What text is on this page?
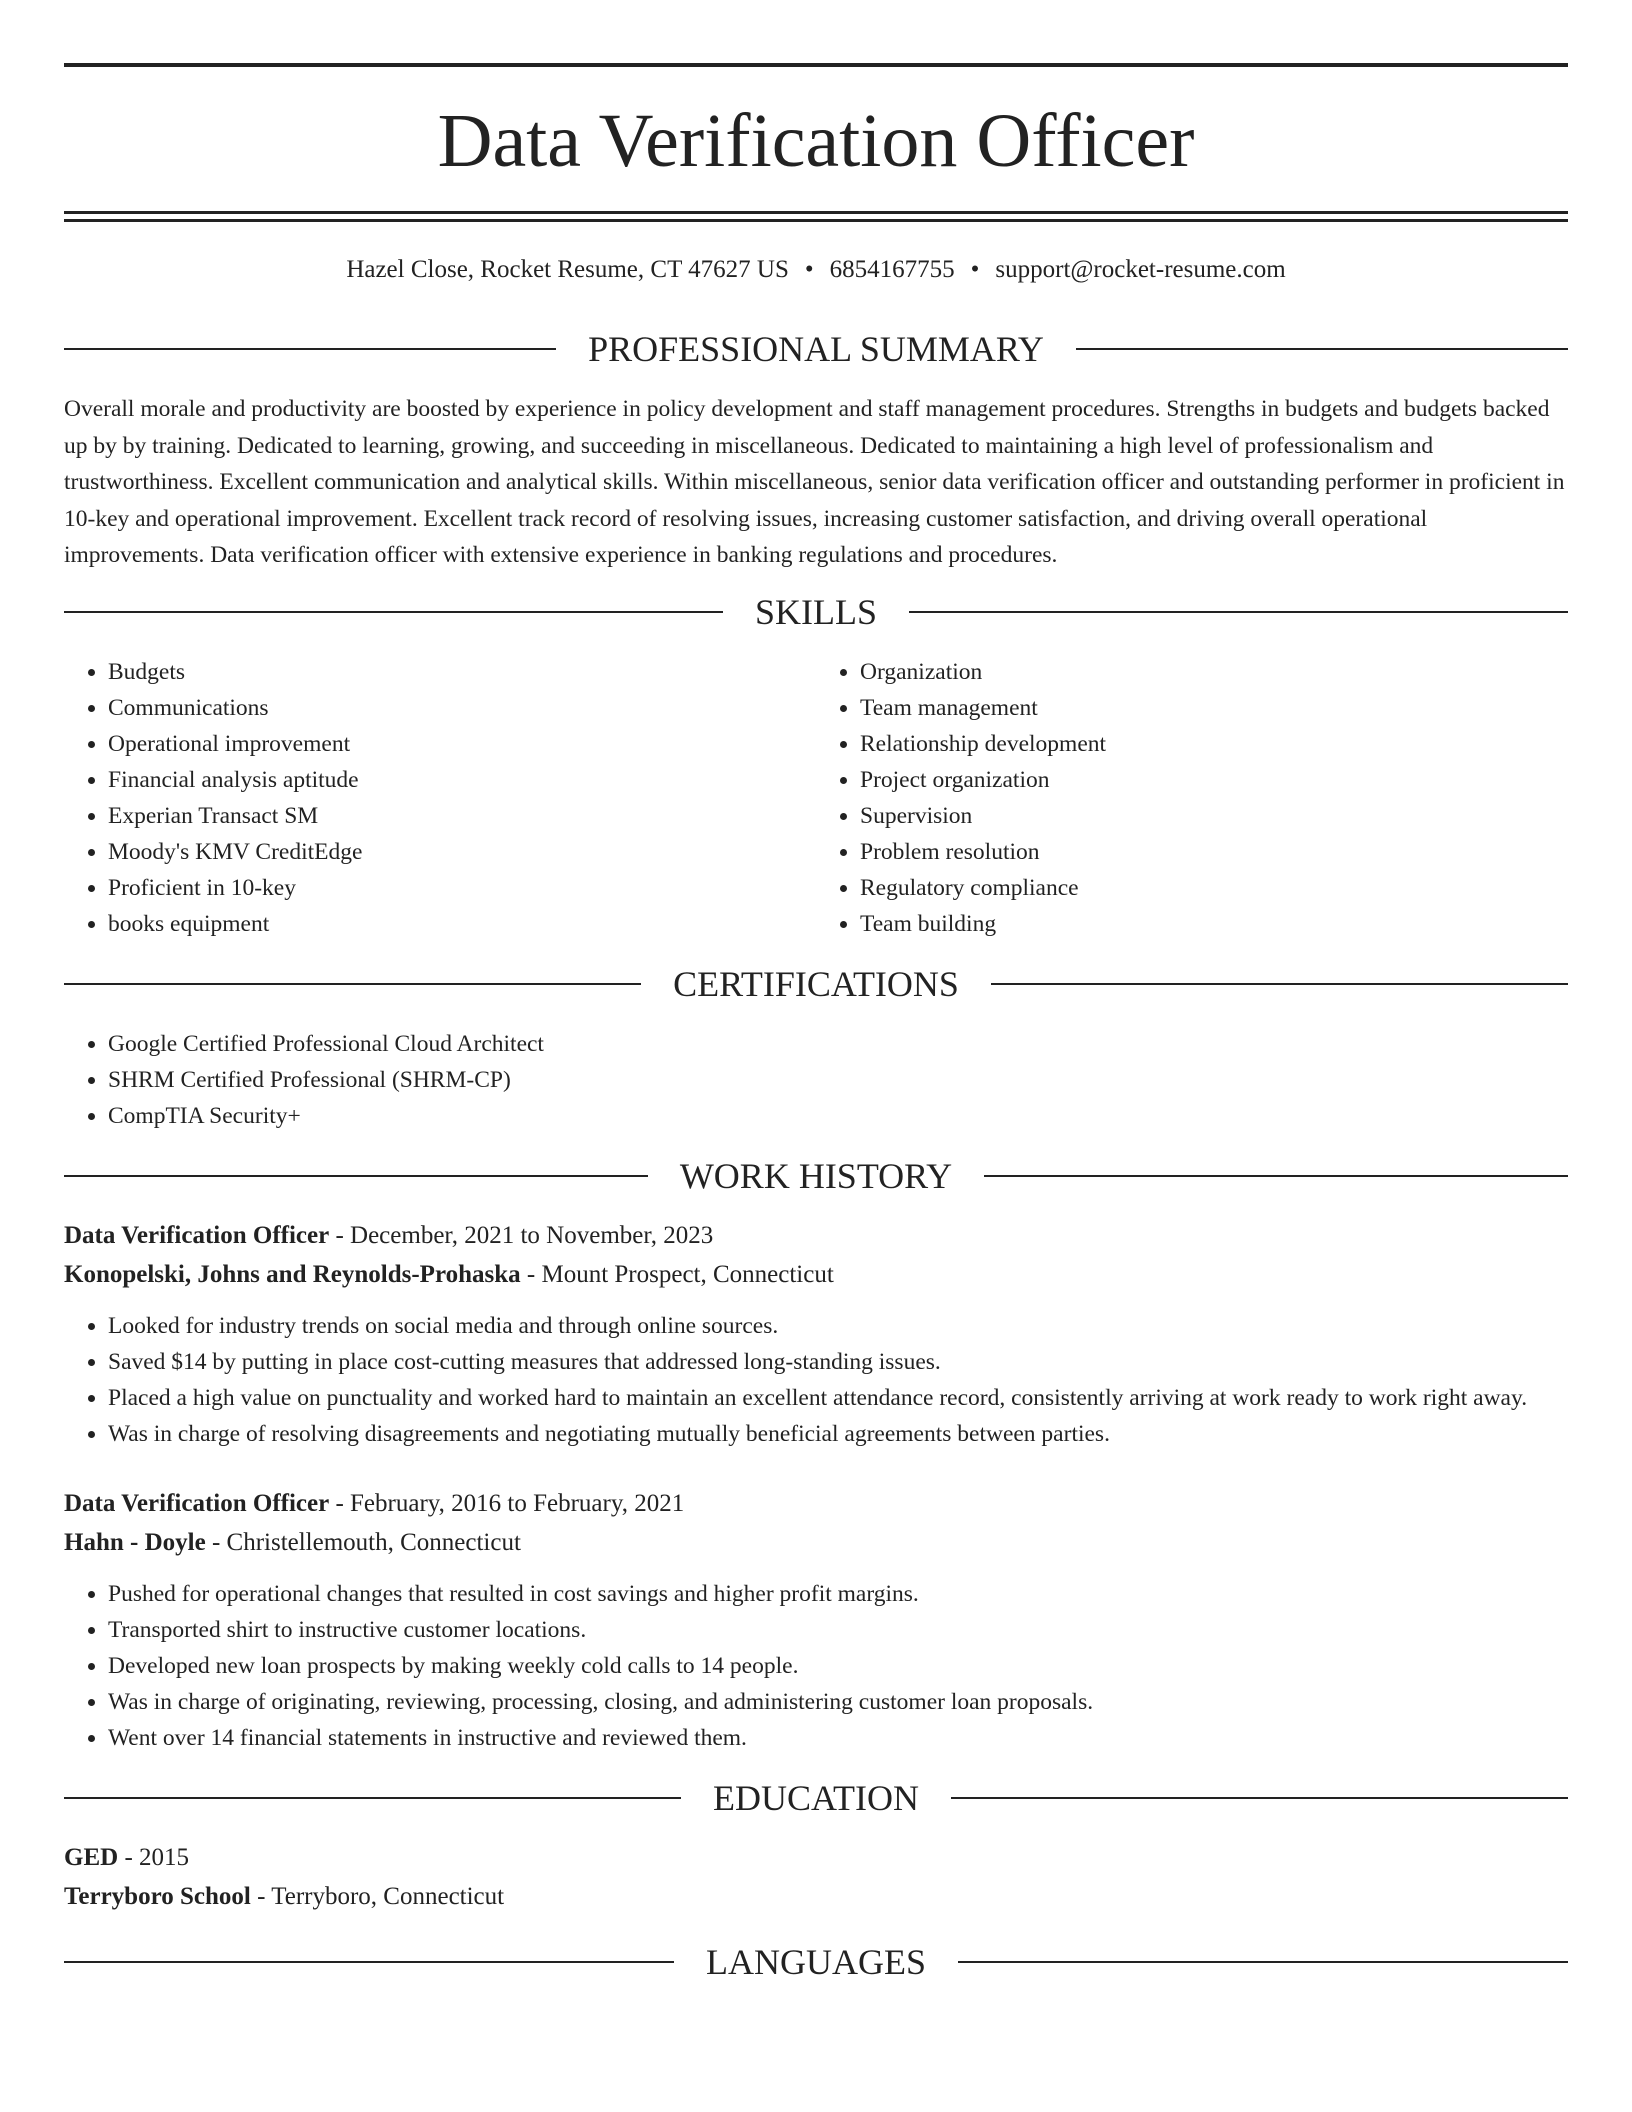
Data Verification Officer
Hazel Close, Rocket Resume, CT 47627 US • 6854167755 • support@rocket-resume.com
PROFESSIONAL SUMMARY

Overall morale and productivity are boosted by experience in policy development and staff management procedures. Strengths in budgets and budgets backed up by by training. Dedicated to learning, growing, and succeeding in miscellaneous. Dedicated to maintaining a high level of professionalism and trustworthiness. Excellent communication and analytical skills. Within miscellaneous, senior data verification officer and outstanding performer in proficient in 10-key and operational improvement. Excellent track record of resolving issues, increasing customer satisfaction, and driving overall operational improvements. Data verification officer with extensive experience in banking regulations and procedures.

SKILLS
• Budgets
• Communications
• Operational improvement
• Financial analysis aptitude
• Experian Transact SM
• Moody's KMV CreditEdge
• Proficient in 10-key
• books equipment
• Organization
• Team management
• Relationship development
• Project organization
• Supervision
• Problem resolution
• Regulatory compliance
• Team building
CERTIFICATIONS
• Google Certified Professional Cloud Architect
• SHRM Certified Professional (SHRM-CP)
• CompTIA Security+
WORK HISTORY
Data Verification Officer - December, 2021 to November, 2023
Konopelski, Johns and Reynolds-Prohaska - Mount Prospect, Connecticut
• Looked for industry trends on social media and through online sources.
• Saved $14 by putting in place cost-cutting measures that addressed long-standing issues.
• Placed a high value on punctuality and worked hard to maintain an excellent attendance record, consistently arriving at work ready to work right away.
• Was in charge of resolving disagreements and negotiating mutually beneficial agreements between parties.
Data Verification Officer - February, 2016 to February, 2021
Hahn - Doyle - Christellemouth, Connecticut
• Pushed for operational changes that resulted in cost savings and higher profit margins.
• Transported shirt to instructive customer locations.
• Developed new loan prospects by making weekly cold calls to 14 people.
• Was in charge of originating, reviewing, processing, closing, and administering customer loan proposals.
• Went over 14 financial statements in instructive and reviewed them.
EDUCATION
GED - 2015
Terryboro School - Terryboro, Connecticut
LANGUAGES
